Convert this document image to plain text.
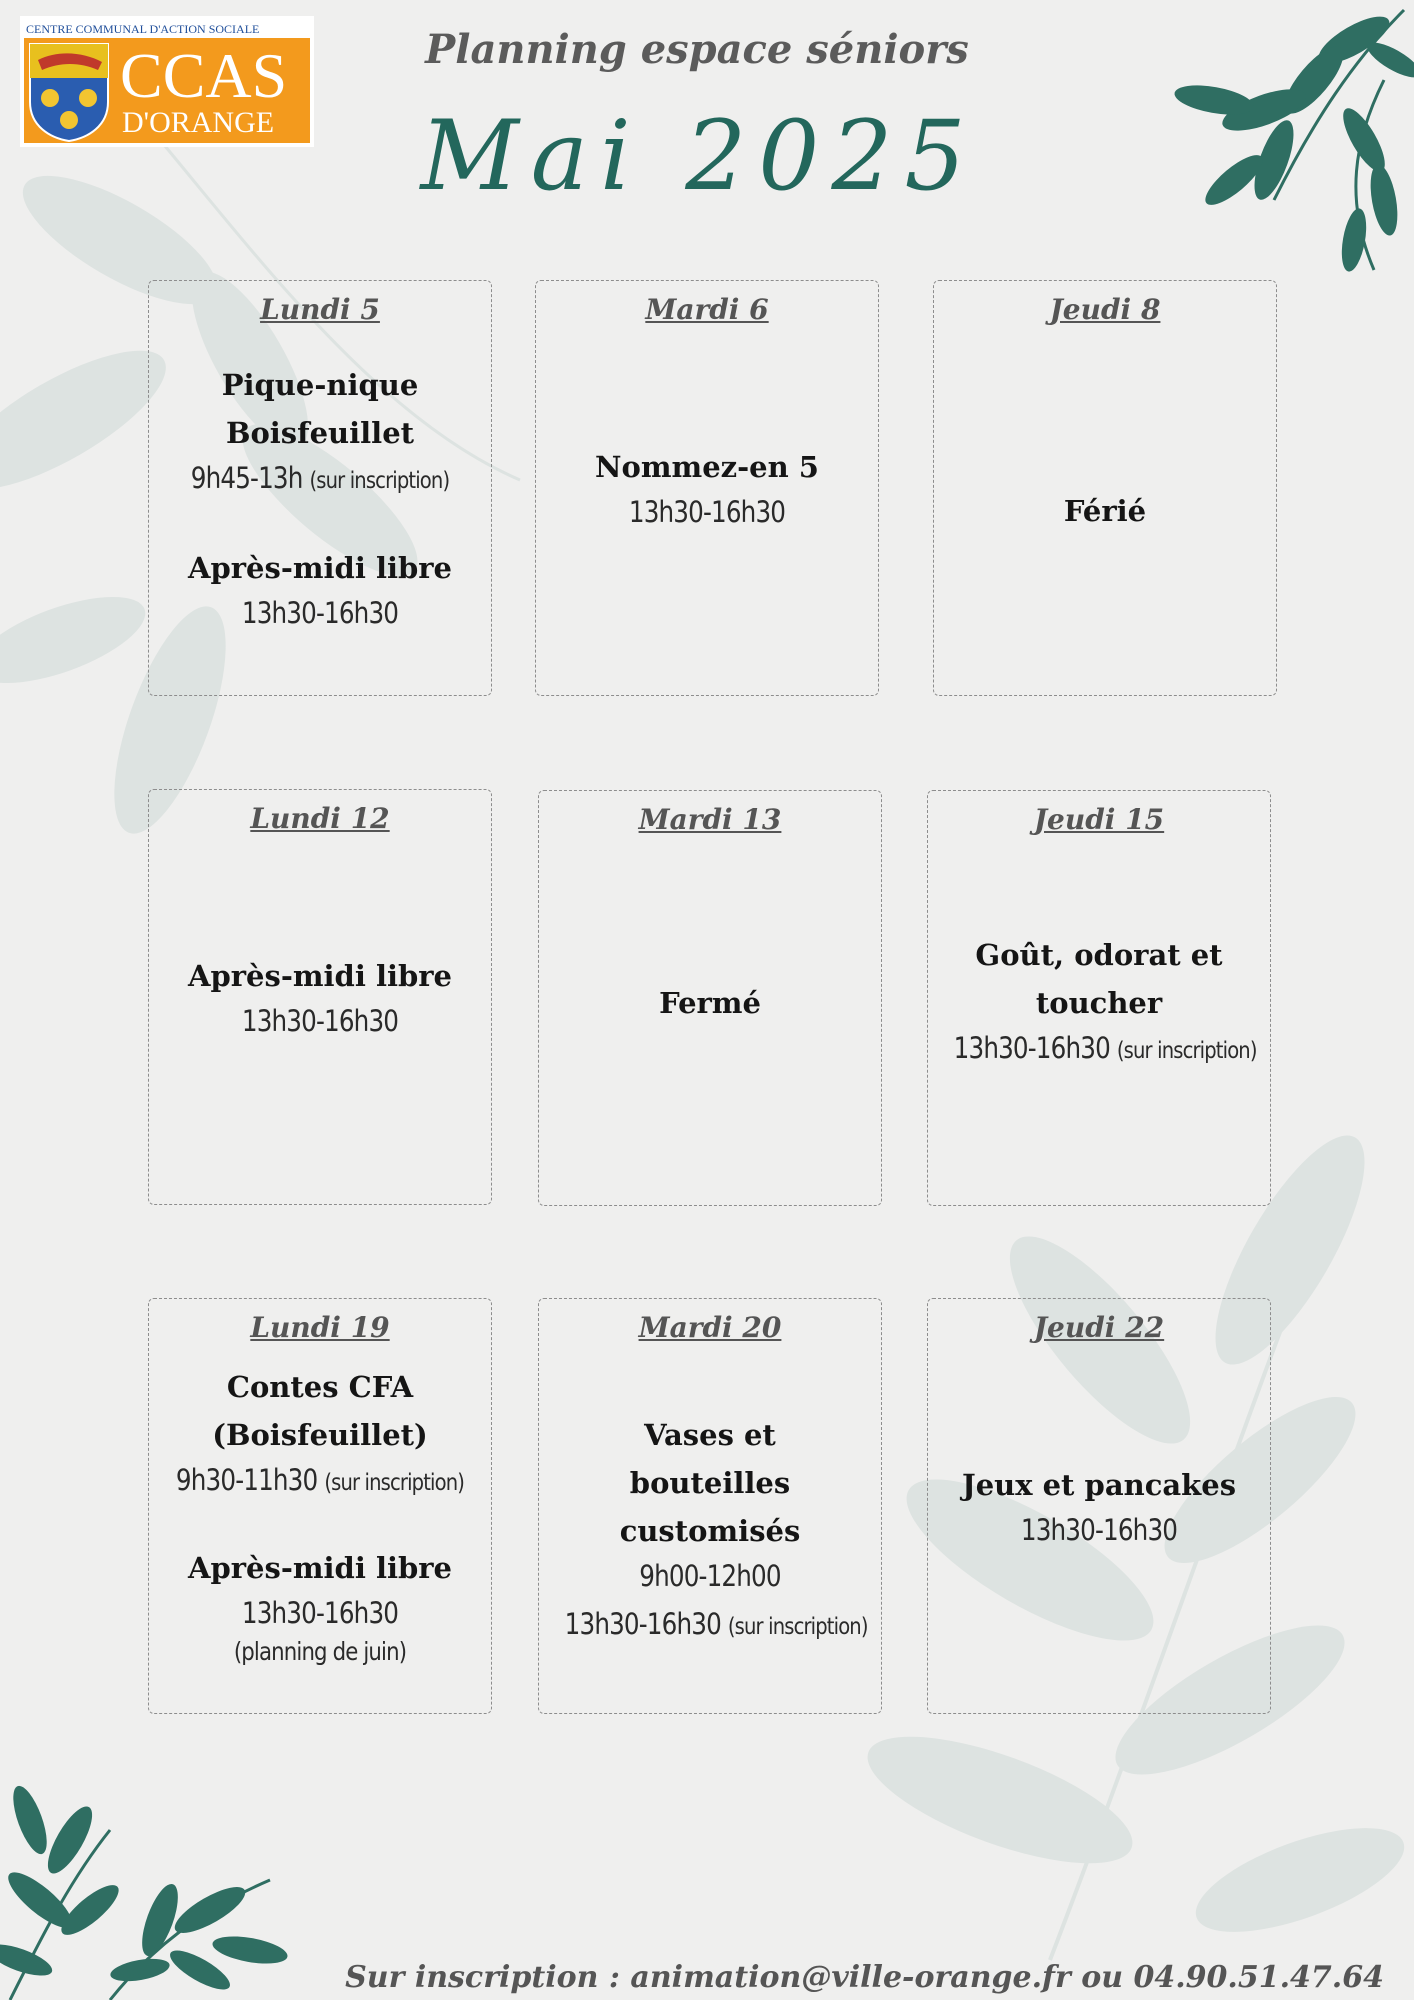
CENTRE COMMUNAL D'ACTION SOCIALE
CCAS
D'ORANGE
Planning espace séniors
Mai 2025
Lundi 5
Pique-nique Boisfeuillet
9h45-13h (sur inscription)
Après-midi libre
13h30-16h30
Mardi 6
Nommez-en 5
13h30-16h30
Jeudi 8
Férié
Lundi 12
Après-midi libre
13h30-16h30
Mardi 13
Fermé
Jeudi 15
Goût, odorat et toucher
13h30-16h30 (sur inscription)
Lundi 19
Contes CFA (Boisfeuillet)
9h30-11h30 (sur inscription)
Après-midi libre
13h30-16h30
(planning de juin)
Mardi 20
Vases et bouteilles customisés
9h00-12h00
13h30-16h30 (sur inscription)
Jeudi 22
Jeux et pancakes
13h30-16h30
Sur inscription : animation@ville-orange.fr ou 04.90.51.47.64
